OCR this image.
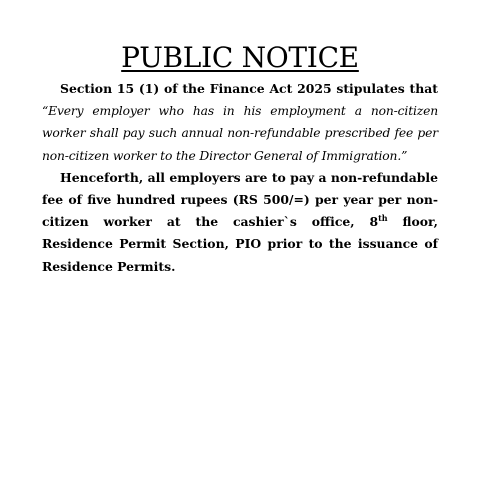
PUBLIC NOTICE

Section 15 (1) of the Finance Act 2025 stipulates that “Every employer who has in his employment a non-citizen worker shall pay such annual non-refundable prescribed fee per non-citizen worker to the Director General of Immigration.”

Henceforth, all employers are to pay a non-refundable fee of five hundred rupees (RS 500/=) per year per non-citizen worker at the cashier`s office, 8th floor, Residence Permit Section, PIO prior to the issuance of Residence Permits.
